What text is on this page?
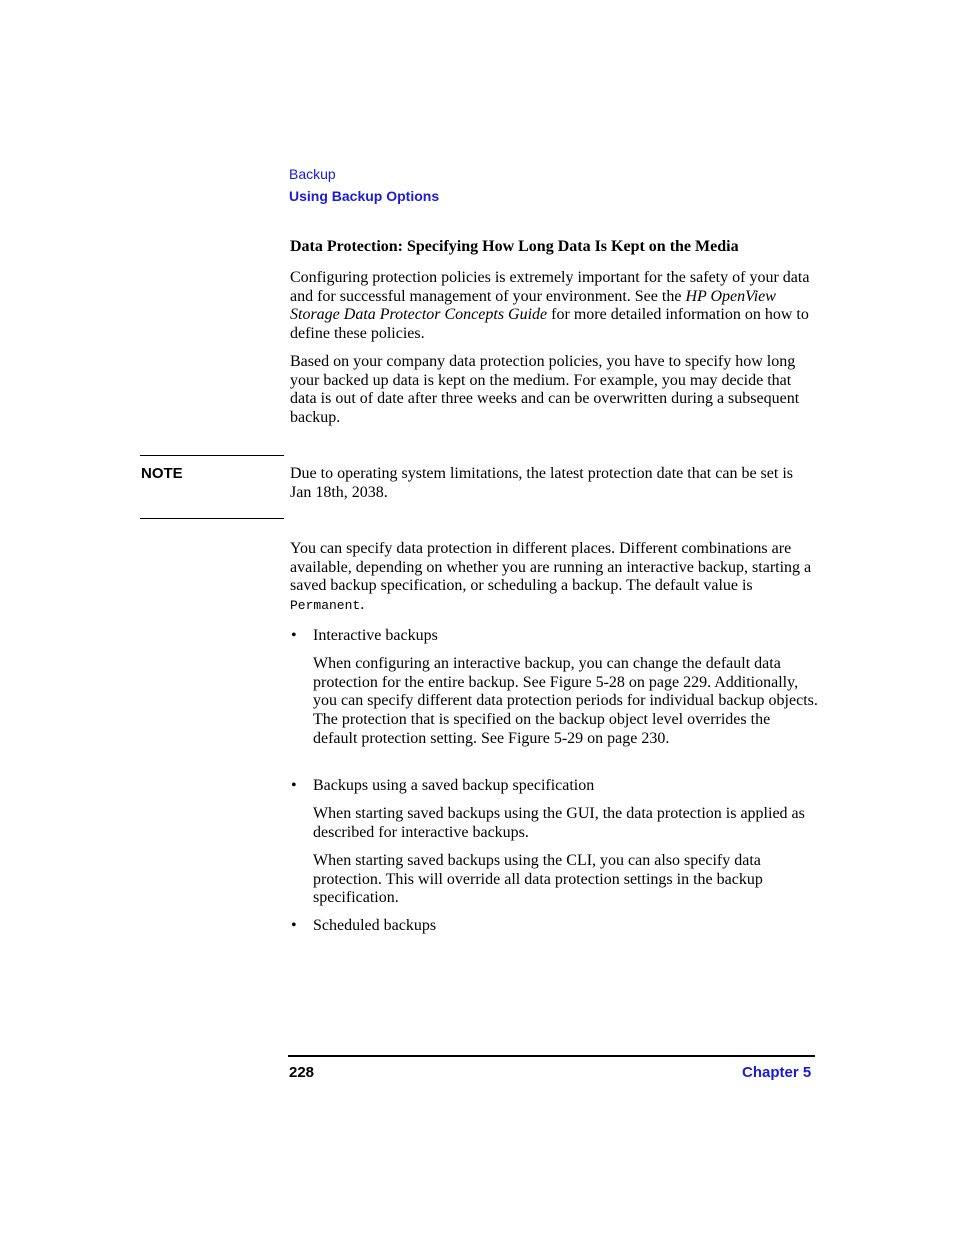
Backup
Using Backup Options
Data Protection: Specifying How Long Data Is Kept on the Media

Configuring protection policies is extremely important for the safety of your data and for successful management of your environment. See the HP OpenView Storage Data Protector Concepts Guide for more detailed information on how to define these policies.

Based on your company data protection policies, you have to specify how long your backed up data is kept on the medium. For example, you may decide that data is out of date after three weeks and can be overwritten during a subsequent backup.

NOTE	Due to operating system limitations, the latest protection date that can be set is Jan 18th, 2038.

You can specify data protection in different places. Different combinations are available, depending on whether you are running an interactive backup, starting a saved backup specification, or scheduling a backup. The default value is Permanent.

• Interactive backups

When configuring an interactive backup, you can change the default data protection for the entire backup. See Figure 5-28 on page 229. Additionally, you can specify different data protection periods for individual backup objects. The protection that is specified on the backup object level overrides the default protection setting. See Figure 5-29 on page 230.

• Backups using a saved backup specification

When starting saved backups using the GUI, the data protection is applied as described for interactive backups.

When starting saved backups using the CLI, you can also specify data protection. This will override all data protection settings in the backup specification.

• Scheduled backups
228	Chapter 5
